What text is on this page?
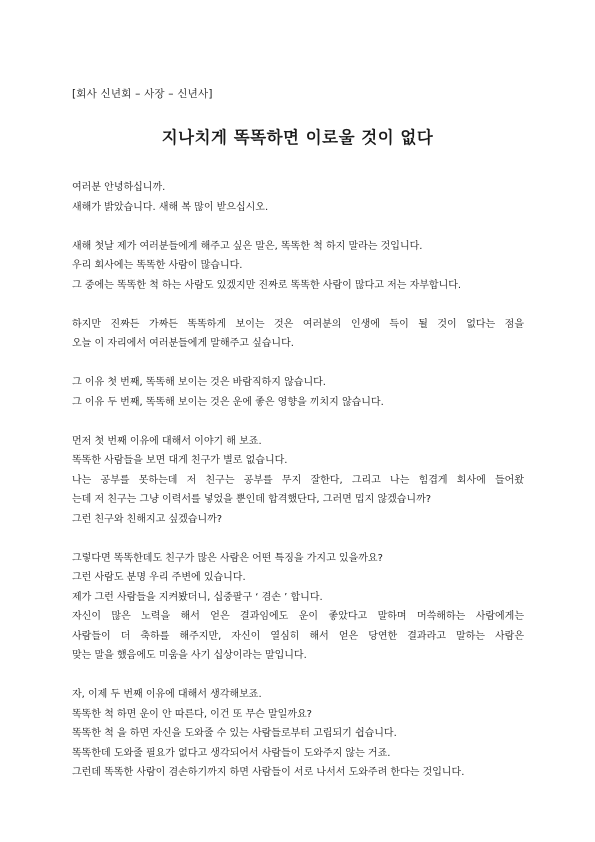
[회사 신년회 – 사장 – 신년사]
지나치게 똑똑하면 이로울 것이 없다
여러분 안녕하십니까.
새해가 밝았습니다. 새해 복 많이 받으십시오.
새해 첫날 제가 여러분들에게 해주고 싶은 말은, 똑똑한 척 하지 말라는 것입니다.
우리 회사에는 똑똑한 사람이 많습니다.
그 중에는 똑똑한 척 하는 사람도 있겠지만 진짜로 똑똑한 사람이 많다고 저는 자부합니다.
하지만 진짜든 가짜든 똑똑하게 보이는 것은 여러분의 인생에 득이 될 것이 없다는 점을
오늘 이 자리에서 여러분들에게 말해주고 싶습니다.
그 이유 첫 번째, 똑똑해 보이는 것은 바람직하지 않습니다.
그 이유 두 번째, 똑똑해 보이는 것은 운에 좋은 영향을 끼치지 않습니다.
먼저 첫 번째 이유에 대해서 이야기 해 보죠.
똑똑한 사람들을 보면 대게 친구가 별로 없습니다.
나는 공부를 못하는데 저 친구는 공부를 무지 잘한다, 그리고 나는 힘겹게 회사에 들어왔
는데 저 친구는 그냥 이력서를 넣었을 뿐인데 합격했단다, 그러면 밉지 않겠습니까?
그런 친구와 친해지고 싶겠습니까?
그렇다면 똑똑한데도 친구가 많은 사람은 어떤 특징을 가지고 있을까요?
그런 사람도 분명 우리 주변에 있습니다.
제가 그런 사람들을 지켜봤더니, 십중팔구 ‘ 겸손 ’ 합니다.
자신이 많은 노력을 해서 얻은 결과임에도 운이 좋았다고 말하며 머쓱해하는 사람에게는
사람들이 더 축하를 해주지만, 자신이 열심히 해서 얻은 당연한 결과라고 말하는 사람은
맞는 말을 했음에도 미움을 사기 십상이라는 말입니다.
자, 이제 두 번째 이유에 대해서 생각해보죠.
똑똑한 척 하면 운이 안 따른다, 이건 또 무슨 말일까요?
똑똑한 척 을 하면 자신을 도와줄 수 있는 사람들로부터 고립되기 쉽습니다.
똑똑한데 도와줄 필요가 없다고 생각되어서 사람들이 도와주지 않는 거죠.
그런데 똑똑한 사람이 겸손하기까지 하면 사람들이 서로 나서서 도와주려 한다는 것입니다.
